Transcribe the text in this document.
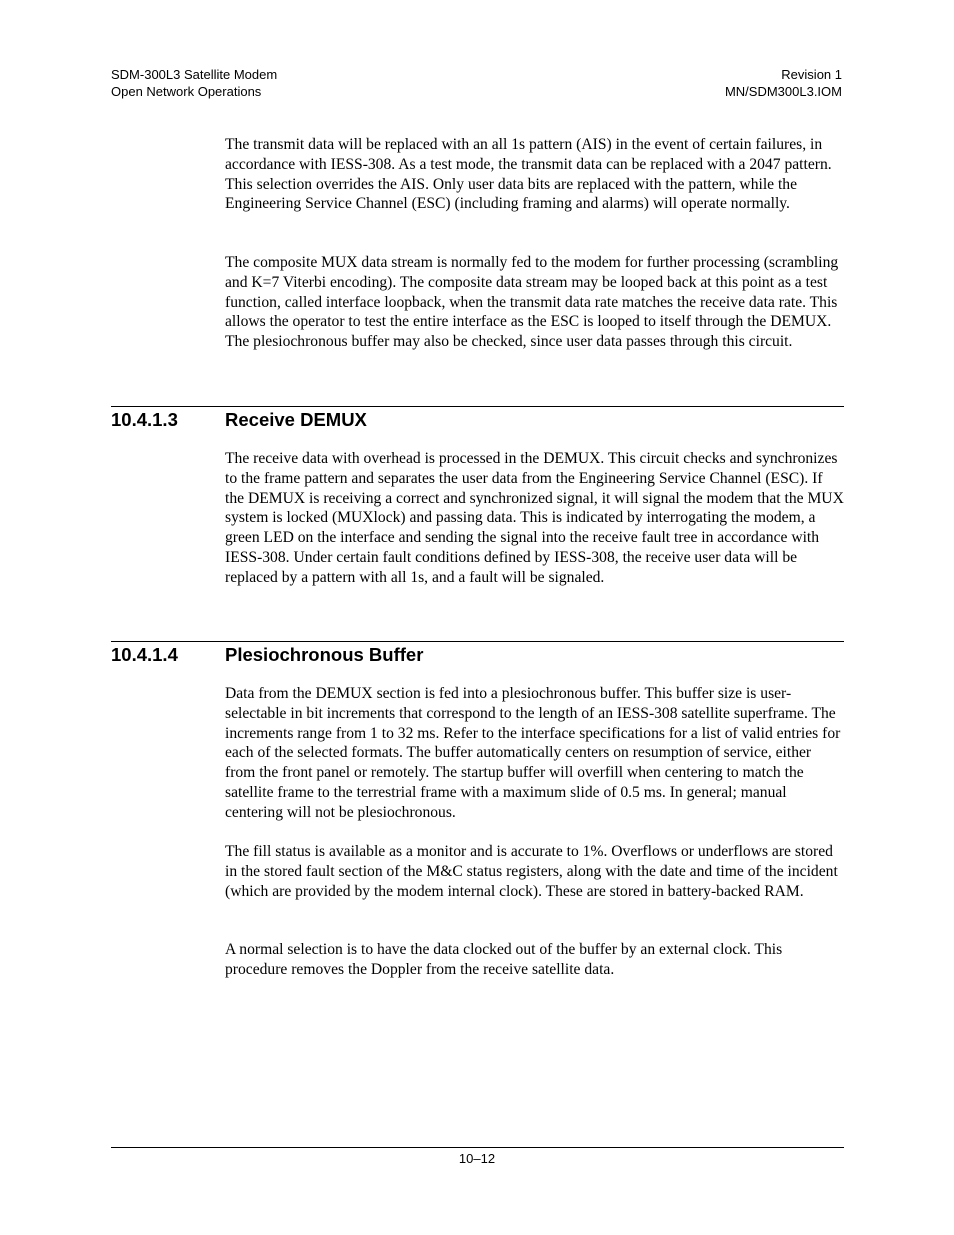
SDM-300L3 Satellite Modem
Open Network Operations
Revision 1
MN/SDM300L3.IOM

The transmit data will be replaced with an all 1s pattern (AIS) in the event of certain failures, in accordance with IESS-308. As a test mode, the transmit data can be replaced with a 2047 pattern. This selection overrides the AIS. Only user data bits are replaced with the pattern, while the Engineering Service Channel (ESC) (including framing and alarms) will operate normally.

The composite MUX data stream is normally fed to the modem for further processing (scrambling and K=7 Viterbi encoding). The composite data stream may be looped back at this point as a test function, called interface loopback, when the transmit data rate matches the receive data rate. This allows the operator to test the entire interface as the ESC is looped to itself through the DEMUX. The plesiochronous buffer may also be checked, since user data passes through this circuit.

10.4.1.3	Receive DEMUX

The receive data with overhead is processed in the DEMUX. This circuit checks and synchronizes to the frame pattern and separates the user data from the Engineering Service Channel (ESC). If the DEMUX is receiving a correct and synchronized signal, it will signal the modem that the MUX system is locked (MUXlock) and passing data. This is indicated by interrogating the modem, a green LED on the interface and sending the signal into the receive fault tree in accordance with IESS-308. Under certain fault conditions defined by IESS-308, the receive user data will be replaced by a pattern with all 1s, and a fault will be signaled.

10.4.1.4	Plesiochronous Buffer

Data from the DEMUX section is fed into a plesiochronous buffer. This buffer size is user-selectable in bit increments that correspond to the length of an IESS-308 satellite superframe. The increments range from 1 to 32 ms. Refer to the interface specifications for a list of valid entries for each of the selected formats. The buffer automatically centers on resumption of service, either from the front panel or remotely. The startup buffer will overfill when centering to match the satellite frame to the terrestrial frame with a maximum slide of 0.5 ms. In general; manual centering will not be plesiochronous.

The fill status is available as a monitor and is accurate to 1%. Overflows or underflows are stored in the stored fault section of the M&C status registers, along with the date and time of the incident (which are provided by the modem internal clock). These are stored in battery-backed RAM.

A normal selection is to have the data clocked out of the buffer by an external clock. This procedure removes the Doppler from the receive satellite data.

10–12
